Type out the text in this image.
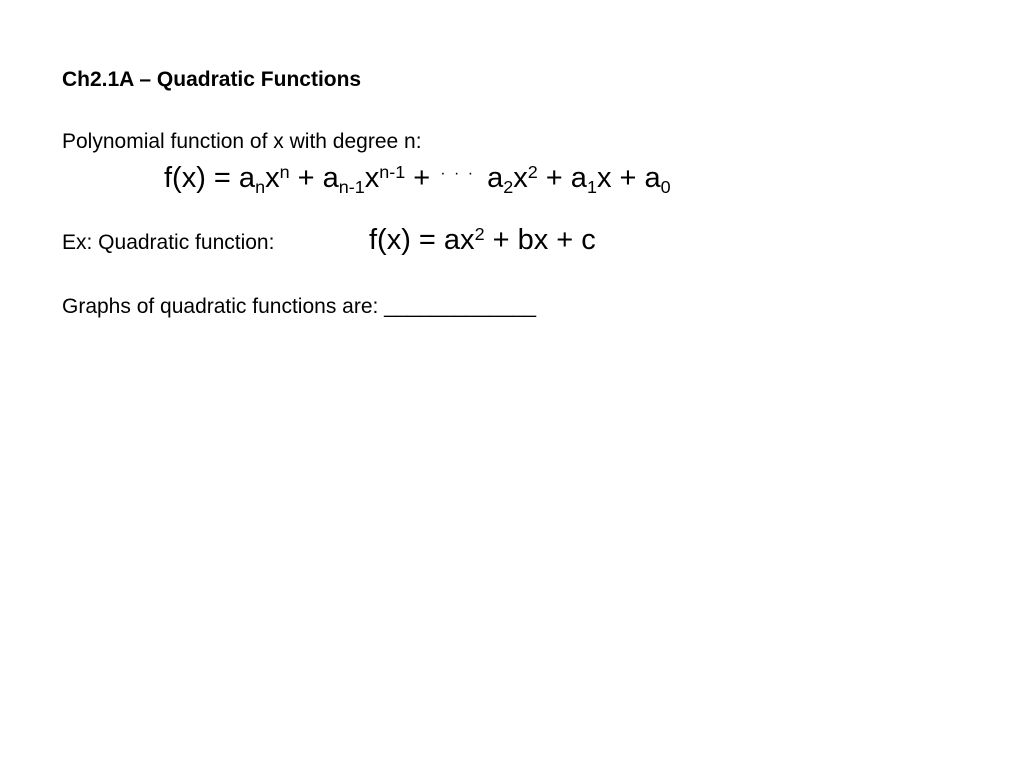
Ch2.1A – Quadratic Functions
Polynomial function of x with degree n:
$f(x) = a_nx^n + a_{n-1}x^{n-1} + ^{\cdot \cdot \cdot}$ $a_2x^2 + a_1x + a_0$
Ex: Quadratic function:	$f(x) = ax^2$ + bx + c
Graphs of quadratic functions are: _____________
